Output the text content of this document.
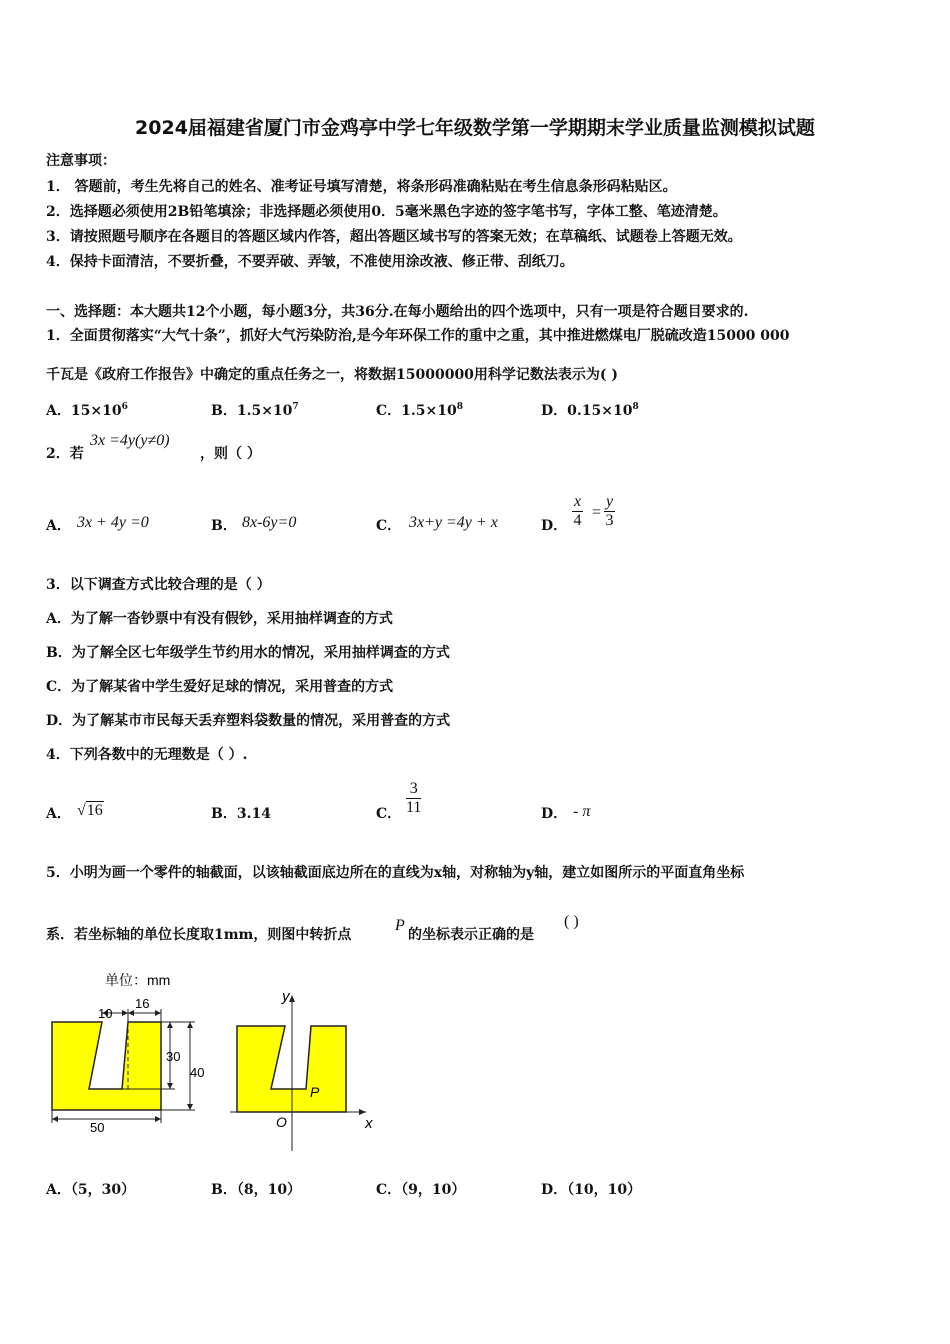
2024届福建省厦门市金鸡亭中学七年级数学第一学期期末学业质量监测模拟试题
注意事项：
1． 答题前，考生先将自己的姓名、准考证号填写清楚，将条形码准确粘贴在考生信息条形码粘贴区。
2．选择题必须使用2B铅笔填涂；非选择题必须使用0．5毫米黑色字迹的签字笔书写，字体工整、笔迹清楚。
3．请按照题号顺序在各题目的答题区域内作答，超出答题区域书写的答案无效；在草稿纸、试题卷上答题无效。
4．保持卡面清洁，不要折叠，不要弄破、弄皱，不准使用涂改液、修正带、刮纸刀。
一、选择题：本大题共12个小题，每小题3分，共36分.在每小题给出的四个选项中，只有一项是符合题目要求的.
1．全面贯彻落实“大气十条”，抓好大气污染防治,是今年环保工作的重中之重，其中推进燃煤电厂脱硫改造15000 000
千瓦是《政府工作报告》中确定的重点任务之一，将数据15000000用科学记数法表示为( )
A．$15\times 10^6$	B．$1.5\times 10^7$	C．$1.5\times 10^8$	D．$0.15\times 10^8$
2．若
3x =4y(y≠0)
，则（ ）
A． 3x + 4y =0	B． 8x-6y=0	C． 3x+y =4y + x	D． $\frac{x}{4} = \frac{y}{3}$
3．以下调查方式比较合理的是（ ）
A．为了解一沓钞票中有没有假钞，采用抽样调查的方式
B．为了解全区七年级学生节约用水的情况，采用抽样调查的方式
C．为了解某省中学生爱好足球的情况，采用普查的方式
D．为了解某市市民每天丢弃塑料袋数量的情况，采用普查的方式
4．下列各数中的无理数是（ ）.
A． √16	B．3.14	C． $\frac{3}{11}$	D． - π
5．小明为画一个零件的轴截面，以该轴截面底边所在的直线为x轴，对称轴为y轴，建立如图所示的平面直角坐标
系．若坐标轴的单位长度取1mm，则图中转折点
P
的坐标表示正确的是
( )
单位：mm
10
16
30
40
50
y
x
O
P
A．（5，30）	B．（8，10）	C．（9，10）	D．（10，10）
